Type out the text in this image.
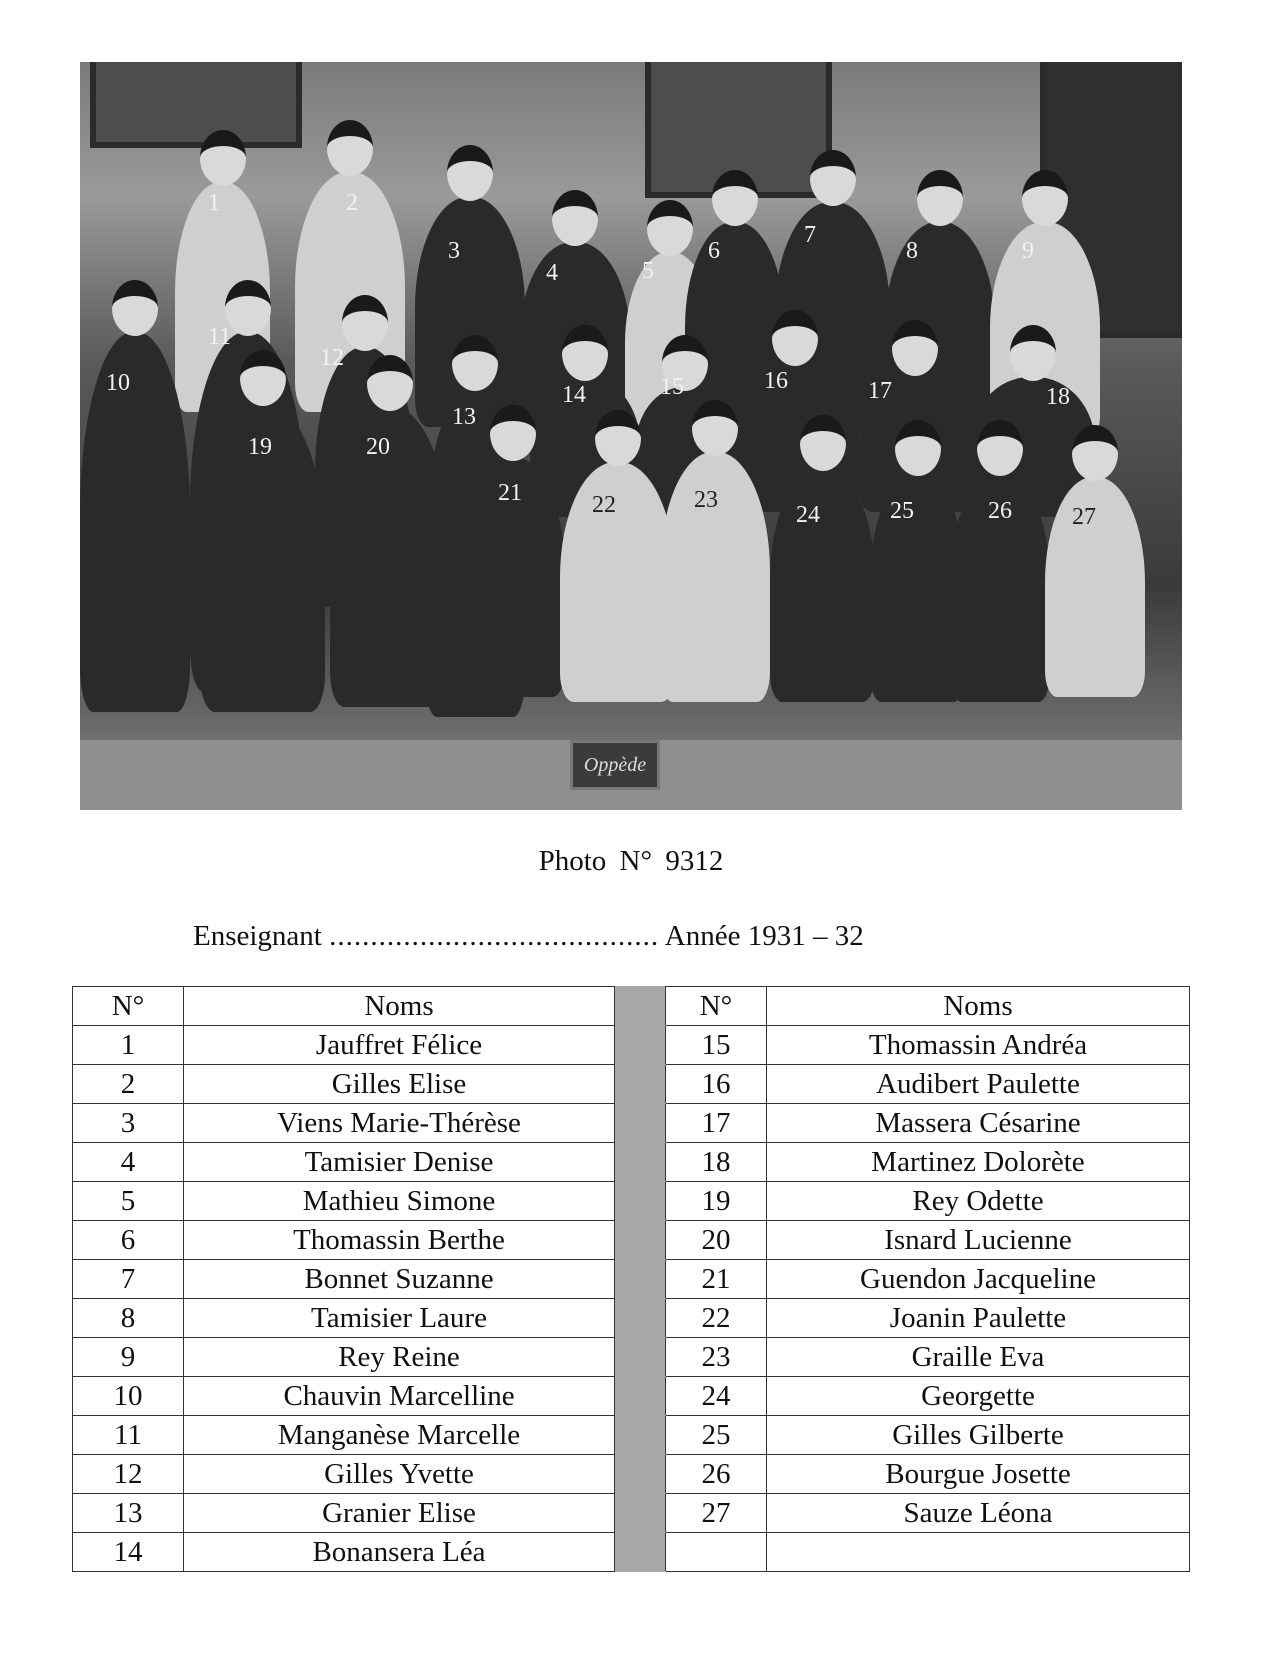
1	2
3
4	5
6
7
8	9
10
11
12
13
14	15	16	17	18
19	20
21	22	23
24	25	26	27
Oppède
Photo N° 9312
Enseignant ........................................ Année 1931 – 32
N°	Noms		N°	Noms
1	Jauffret Félice		15	Thomassin Andréa
2	Gilles Elise		16	Audibert Paulette
3	Viens Marie-Thérèse		17	Massera Césarine
4	Tamisier Denise		18	Martinez Dolorète
5	Mathieu Simone		19	Rey Odette
6	Thomassin Berthe		20	Isnard Lucienne
7	Bonnet Suzanne		21	Guendon Jacqueline
8	Tamisier Laure		22	Joanin Paulette
9	Rey Reine		23	Graille Eva
10	Chauvin Marcelline		24	Georgette
11	Manganèse Marcelle		25	Gilles Gilberte
12	Gilles Yvette		26	Bourgue Josette
13	Granier Elise		27	Sauze Léona
14	Bonansera Léa			
